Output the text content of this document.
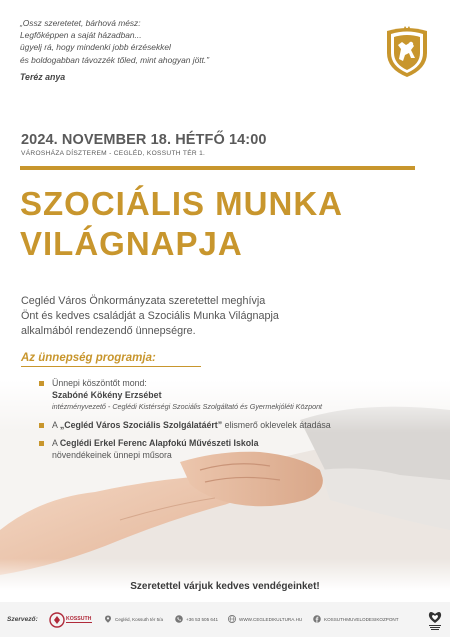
„Ossz szeretetet, bárhová mész:
Legfőképpen a saját házadban...
ügyelj rá, hogy mindenki jobb érzésekkel
és boldogabban távozzék tőled, mint ahogyan jött.”
Teréz anya
2024. NOVEMBER 18. HÉTFŐ 14:00
VÁROSHÁZA DÍSZTEREM - CEGLÉD, KOSSUTH TÉR 1.
SZOCIÁLIS MUNKA
VILÁGNAPJA
Cegléd Város Önkormányzata szeretettel meghívja
Önt és kedves családját a Szociális Munka Világnapja
alkalmából rendezendő ünnepségre.
Az ünnepség programja:
Ünnepi köszöntőt mond:
Szabóné Kökény Erzsébet
intézményvezető - Ceglédi Kistérségi Szociális Szolgáltató és Gyermekjóléti Központ
A „Cegléd Város Szociális Szolgálatáért” elismerő oklevelek átadása
A Ceglédi Erkel Ferenc Alapfokú Művészeti Iskola
növendékeinek ünnepi műsora
Szeretettel várjuk kedves vendégeinket!
Szervező:	KOSSUTH	Cegléd, Kossuth tér 5/a	+36 53 505 641	WWW.CEGLEDIKULTURA.HU	KOSSUTHMUVELODESIKOZPONT
